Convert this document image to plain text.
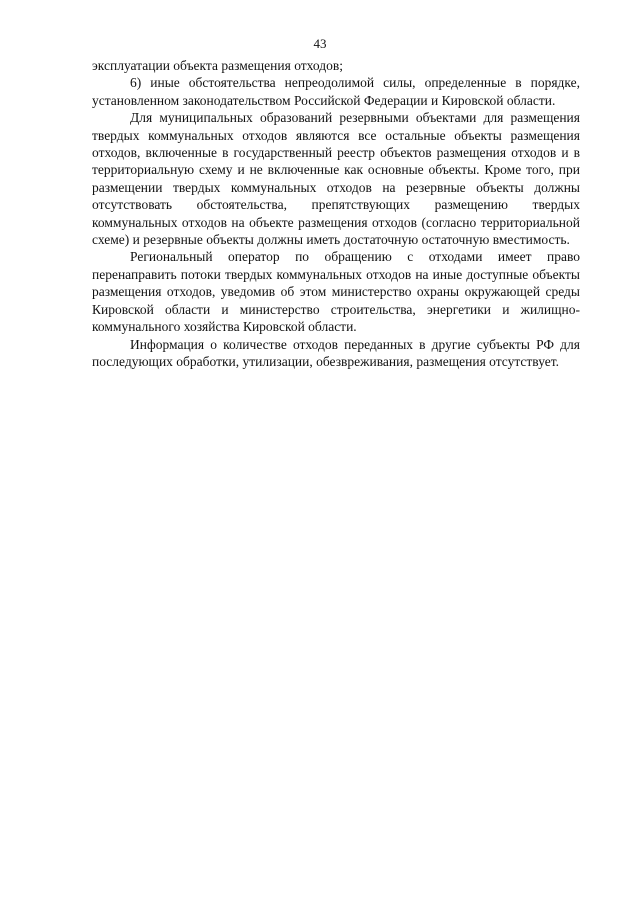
43

эксплуатации объекта размещения отходов;

6) иные обстоятельства непреодолимой силы, определенные в порядке, установленном законодательством Российской Федерации и Кировской области.

Для муниципальных образований резервными объектами для размещения твердых коммунальных отходов являются все остальные объекты размещения отходов, включенные в государственный реестр объектов размещения отходов и в территориальную схему и не включенные как основные объекты. Кроме того, при размещении твердых коммунальных отходов на резервные объекты должны отсутствовать обстоятельства, препятствующих размещению твердых коммунальных отходов на объекте размещения отходов (согласно территориальной схеме) и резервные объекты должны иметь достаточную остаточную вместимость.

Региональный оператор по обращению с отходами имеет право перенаправить потоки твердых коммунальных отходов на иные доступные объекты размещения отходов, уведомив об этом министерство охраны окружающей среды Кировской области и министерство строительства, энергетики и жилищно-коммунального хозяйства Кировской области.

Информация о количестве отходов переданных в другие субъекты РФ для последующих обработки, утилизации, обезвреживания, размещения отсутствует.
